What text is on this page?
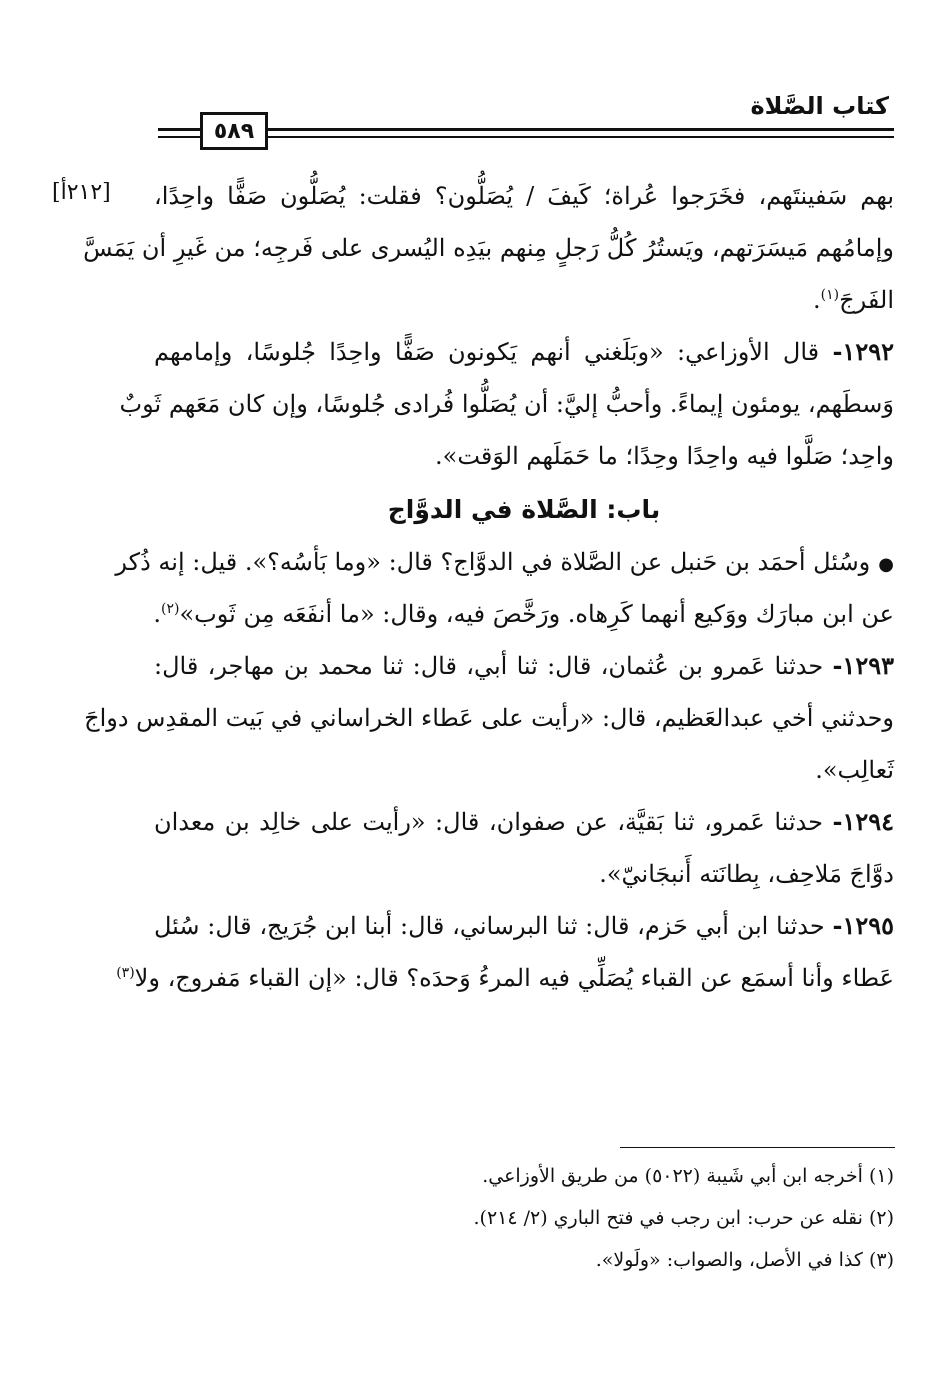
كتاب الصَّلاة
٥٨٩
[٢١٢أ] بهم سَفينتَهم، فخَرَجوا عُراة؛ كَيفَ / يُصَلُّون؟ فقلت: يُصَلُّون صَفًّا واحِدًا،
وإمامُهم مَيسَرَتهم، ويَستُرُ كُلُّ رَجلٍ مِنهم بيَدِه اليُسرى على فَرجِه؛ من غَيرِ أن يَمَسَّ
الفَرجَ$^{(١)}$.
١٢٩٢- قال الأوزاعي: «وبَلَغني أنهم يَكونون صَفًّا واحِدًا جُلوسًا، وإمامهم
وَسطَهم، يومئون إيماءً. وأحبُّ إليَّ: أن يُصَلُّوا فُرادى جُلوسًا، وإن كان مَعَهم ثَوبٌ
واحِد؛ صَلَّوا فيه واحِدًا وحِدًا؛ ما حَمَلَهم الوَقت».
باب: الصَّلاة في الدوَّاج
●وسُئل أحمَد بن حَنبل عن الصَّلاة في الدوَّاج؟ قال: «وما بَأسُه؟». قيل: إنه ذُكر
عن ابن مبارَك ووَكيع أنهما كَرِهاه. ورَخَّصَ فيه، وقال: «ما أنفَعَه مِن ثَوب»$^{(٢)}$.
١٢٩٣- حدثنا عَمرو بن عُثمان، قال: ثنا أبي، قال: ثنا محمد بن مهاجر، قال:
وحدثني أخي عبدالعَظيم، قال: «رأيت على عَطاء الخراساني في بَيت المقدِس دواجَ
ثَعالِب».
١٢٩٤- حدثنا عَمرو، ثنا بَقيَّة، عن صفوان، قال: «رأيت على خالِد بن معدان
دوَّاجَ مَلاحِف، بِطانَته أَنبجَانيّ».
١٢٩٥- حدثنا ابن أبي حَزم، قال: ثنا البرساني، قال: أبنا ابن جُرَيج، قال: سُئل
عَطاء وأنا أسمَع عن القباء يُصَلِّي فيه المرءُ وَحدَه؟ قال: «إن القباء مَفروج، ولا$^{(٣)}$
(١) أخرجه ابن أبي شَيبة (٥٠٢٢) من طريق الأوزاعي.
(٢) نقله عن حرب: ابن رجب في فتح الباري (٢/ ٢١٤).
(٣) كذا في الأصل، والصواب: «ولَولا».
